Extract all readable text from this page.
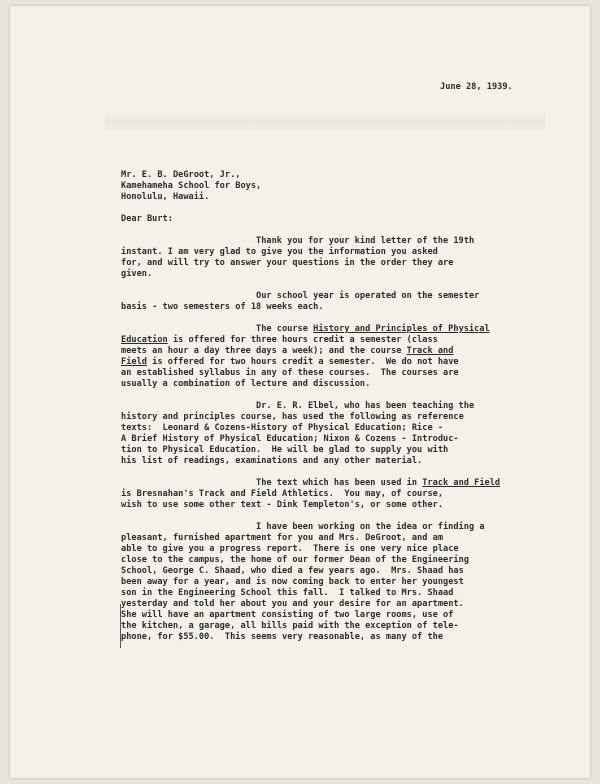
June 28, 1939.
Mr. E. B. DeGroot, Jr.,
Kamehameha School for Boys,
Honolulu, Hawaii.
Dear Burt:
Thank you for your kind letter of the 19th
instant. I am very glad to give you the information you asked
for, and will try to answer your questions in the order they are
given.
Our school year is operated on the semester
basis - two semesters of 18 weeks each.
The course History and Principles of Physical
Education is offered for three hours credit a semester (class
meets an hour a day three days a week); and the course Track and
Field is offered for two hours credit a semester.  We do not have
an established syllabus in any of these courses.  The courses are
usually a combination of lecture and discussion.
Dr. E. R. Elbel, who has been teaching the
history and principles course, has used the following as reference
texts:  Leonard & Cozens-History of Physical Education; Rice -
A Brief History of Physical Education; Nixon & Cozens - Introduc-
tion to Physical Education.  He will be glad to supply you with
his list of readings, examinations and any other material.
The text which has been used in Track and Field
is Bresnahan's Track and Field Athletics.  You may, of course,
wish to use some other text - Dink Templeton's, or some other.
I have been working on the idea or finding a
pleasant, furnished apartment for you and Mrs. DeGroot, and am
able to give you a progress report.  There is one very nice place
close to the campus, the home of our former Dean of the Engineering
School, George C. Shaad, who died a few years ago.  Mrs. Shaad has
been away for a year, and is now coming back to enter her youngest
son in the Engineering School this fall.  I talked to Mrs. Shaad
yesterday and told her about you and your desire for an apartment.
She will have an apartment consisting of two large rooms, use of
the kitchen, a garage, all bills paid with the exception of tele-
phone, for $55.00.  This seems very reasonable, as many of the
